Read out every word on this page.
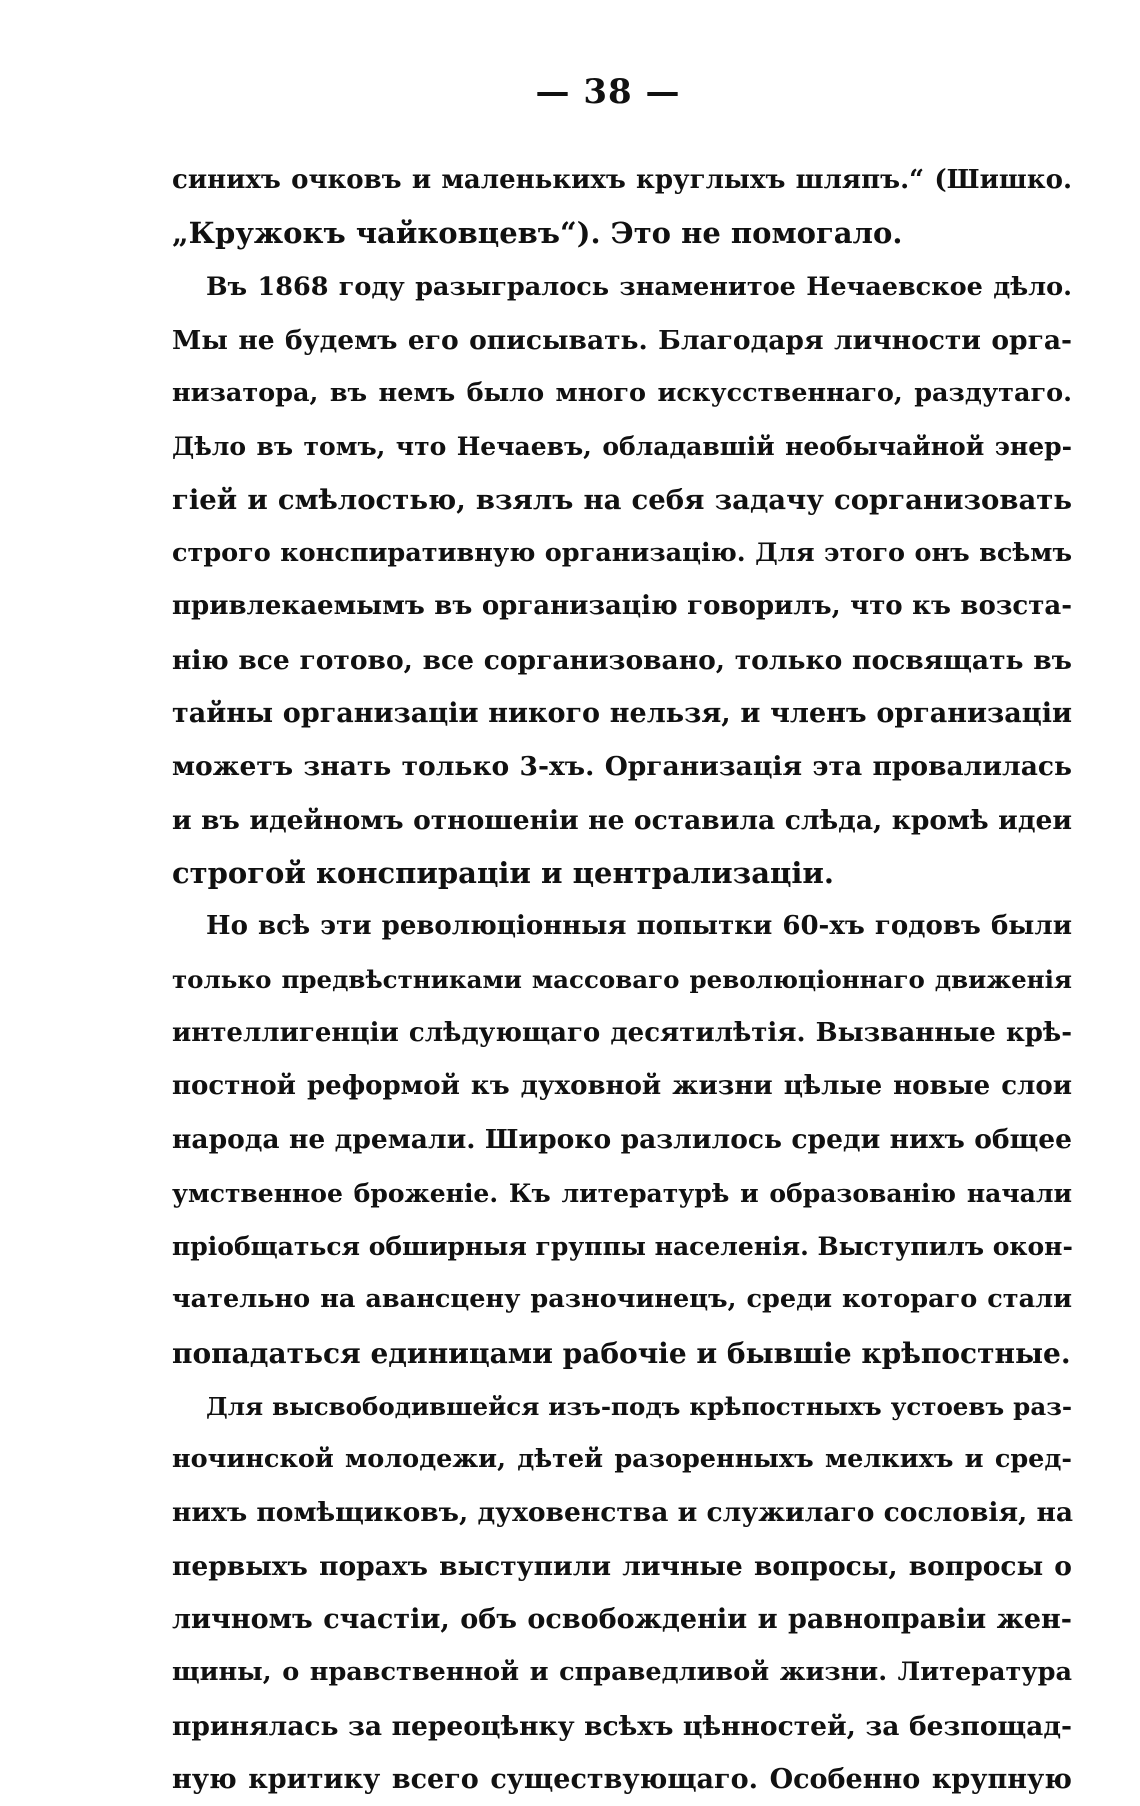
— 38 —
синихъ очковъ и маленькихъ круглыхъ шляпъ.“ (Шишко.
„Кружокъ чайковцевъ“). Это не помогало.
Въ 1868 году разыгралось знаменитое Нечаевское дѣло.
Мы не будемъ его описывать. Благодаря личности орга-
низатора, въ немъ было много искусственнаго, раздутаго.
Дѣло въ томъ, что Нечаевъ, обладавшій необычайной энер-
гіей и смѣлостью, взялъ на себя задачу сорганизовать
строго конспиративную организацію. Для этого онъ всѣмъ
привлекаемымъ въ организацію говорилъ, что къ возста-
нію все готово, все сорганизовано, только посвящать въ
тайны организаціи никого нельзя, и членъ организаціи
можетъ знать только 3-хъ. Организація эта провалилась
и въ идейномъ отношеніи не оставила слѣда, кромѣ идеи
строгой конспираціи и централизаціи.
Но всѣ эти революціонныя попытки 60-хъ годовъ были
только предвѣстниками массоваго революціоннаго движенія
интеллигенціи слѣдующаго десятилѣтія. Вызванные крѣ-
постной реформой къ духовной жизни цѣлые новые слои
народа не дремали. Широко разлилось среди нихъ общее
умственное броженіе. Къ литературѣ и образованію начали
пріобщаться обширныя группы населенія. Выступилъ окон-
чательно на авансцену разночинецъ, среди котораго стали
попадаться единицами рабочіе и бывшіе крѣпостные.
Для высвободившейся изъ-подъ крѣпостныхъ устоевъ раз-
ночинской молодежи, дѣтей разоренныхъ мелкихъ и сред-
нихъ помѣщиковъ, духовенства и служилаго сословія, на
первыхъ порахъ выступили личные вопросы, вопросы о
личномъ счастіи, объ освобожденіи и равноправіи жен-
щины, о нравственной и справедливой жизни. Литература
принялась за переоцѣнку всѣхъ цѣнностей, за безпощад-
ную критику всего существующаго. Особенно крупную
